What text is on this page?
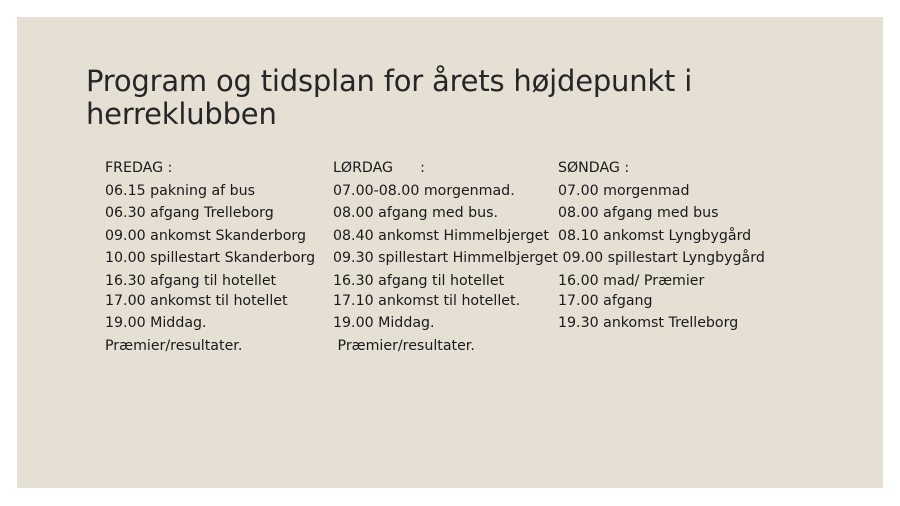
Program og tidsplan for årets højdepunkt i herreklubben
FREDAG :
06.15 pakning af bus
06.30 afgang Trelleborg
09.00 ankomst Skanderborg
10.00 spillestart Skanderborg
16.30 afgang til hotellet
17.00 ankomst til hotellet
19.00 Middag.
Præmier/resultater.
LØRDAG      :
07.00-08.00 morgenmad.
08.00 afgang med bus.
08.40 ankomst Himmelbjerget
09.30 spillestart Himmelbjerget
16.30 afgang til hotellet
17.10 ankomst til hotellet.
19.00 Middag.
Præmier/resultater.
SØNDAG :
07.00 morgenmad
08.00 afgang med bus
08.10 ankomst Lyngbygård
09.00 spillestart Lyngbygård
16.00 mad/ Præmier
17.00 afgang
19.30 ankomst Trelleborg
